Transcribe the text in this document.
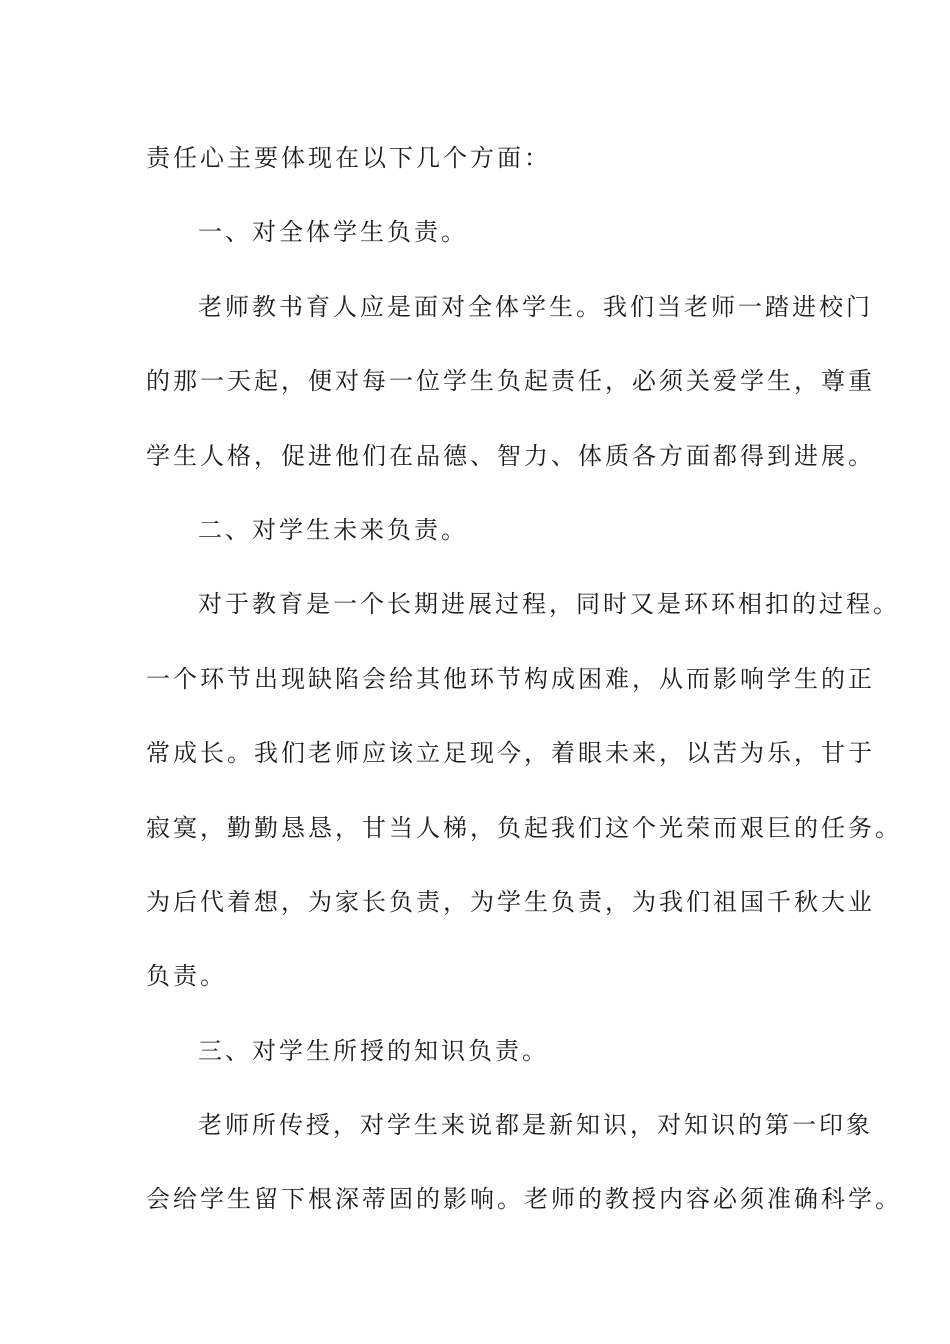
责任心主要体现在以下几个方面：
一、对全体学生负责。
老师教书育人应是面对全体学生。我们当老师一踏进校门
的那一天起，便对每一位学生负起责任，必须关爱学生，尊重
学生人格，促进他们在品德、智力、体质各方面都得到进展。
二、对学生未来负责。
对于教育是一个长期进展过程，同时又是环环相扣的过程。
一个环节出现缺陷会给其他环节构成困难，从而影响学生的正
常成长。我们老师应该立足现今，着眼未来，以苦为乐，甘于
寂寞，勤勤恳恳，甘当人梯，负起我们这个光荣而艰巨的任务。
为后代着想，为家长负责，为学生负责，为我们祖国千秋大业
负责。
三、对学生所授的知识负责。
老师所传授，对学生来说都是新知识，对知识的第一印象
会给学生留下根深蒂固的影响。老师的教授内容必须准确科学。
